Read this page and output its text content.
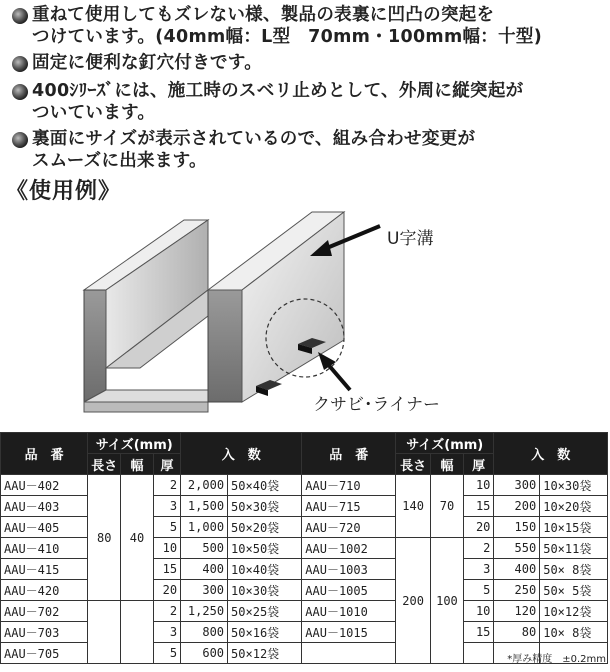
重ねて使用してもズレない様、製品の表裏に凹凸の突起を
つけています。(40mm幅：L型　70mm・100mm幅：十型)
固定に便利な釘穴付きです。
400ｼﾘｰｽﾞには、施工時のスベリ止めとして、外周に縦突起が
ついています。
裏面にサイズが表示されているので、組み合わせ変更が
スムーズに出来ます。
《使用例》
U字溝
クサビ･ライナー
品　番	サイズ(mm)			入　数		品　番	サイズ(mm)			入　数	
	長さ	幅	厚				長さ	幅	厚		
AAU－402	80	40	2	2,000	50×40袋	AAU－710	140	70	10	300	10×30袋
AAU－403			3	1,500	50×30袋	AAU－715			15	200	10×20袋
AAU－405			5	1,000	50×20袋	AAU－720			20	150	10×15袋
AAU－410			10	500	10×50袋	AAU－1002	200	100	2	550	50×11袋
AAU－415			15	400	10×40袋	AAU－1003			3	400	50× 8袋
AAU－420			20	300	10×30袋	AAU－1005			5	250	50× 5袋
AAU－702			2	1,250	50×25袋	AAU－1010			10	120	10×12袋
AAU－703			3	800	50×16袋	AAU－1015			15	80	10× 8袋
AAU－705			5	600	50×12袋							*厚み精度　±0.2mm
